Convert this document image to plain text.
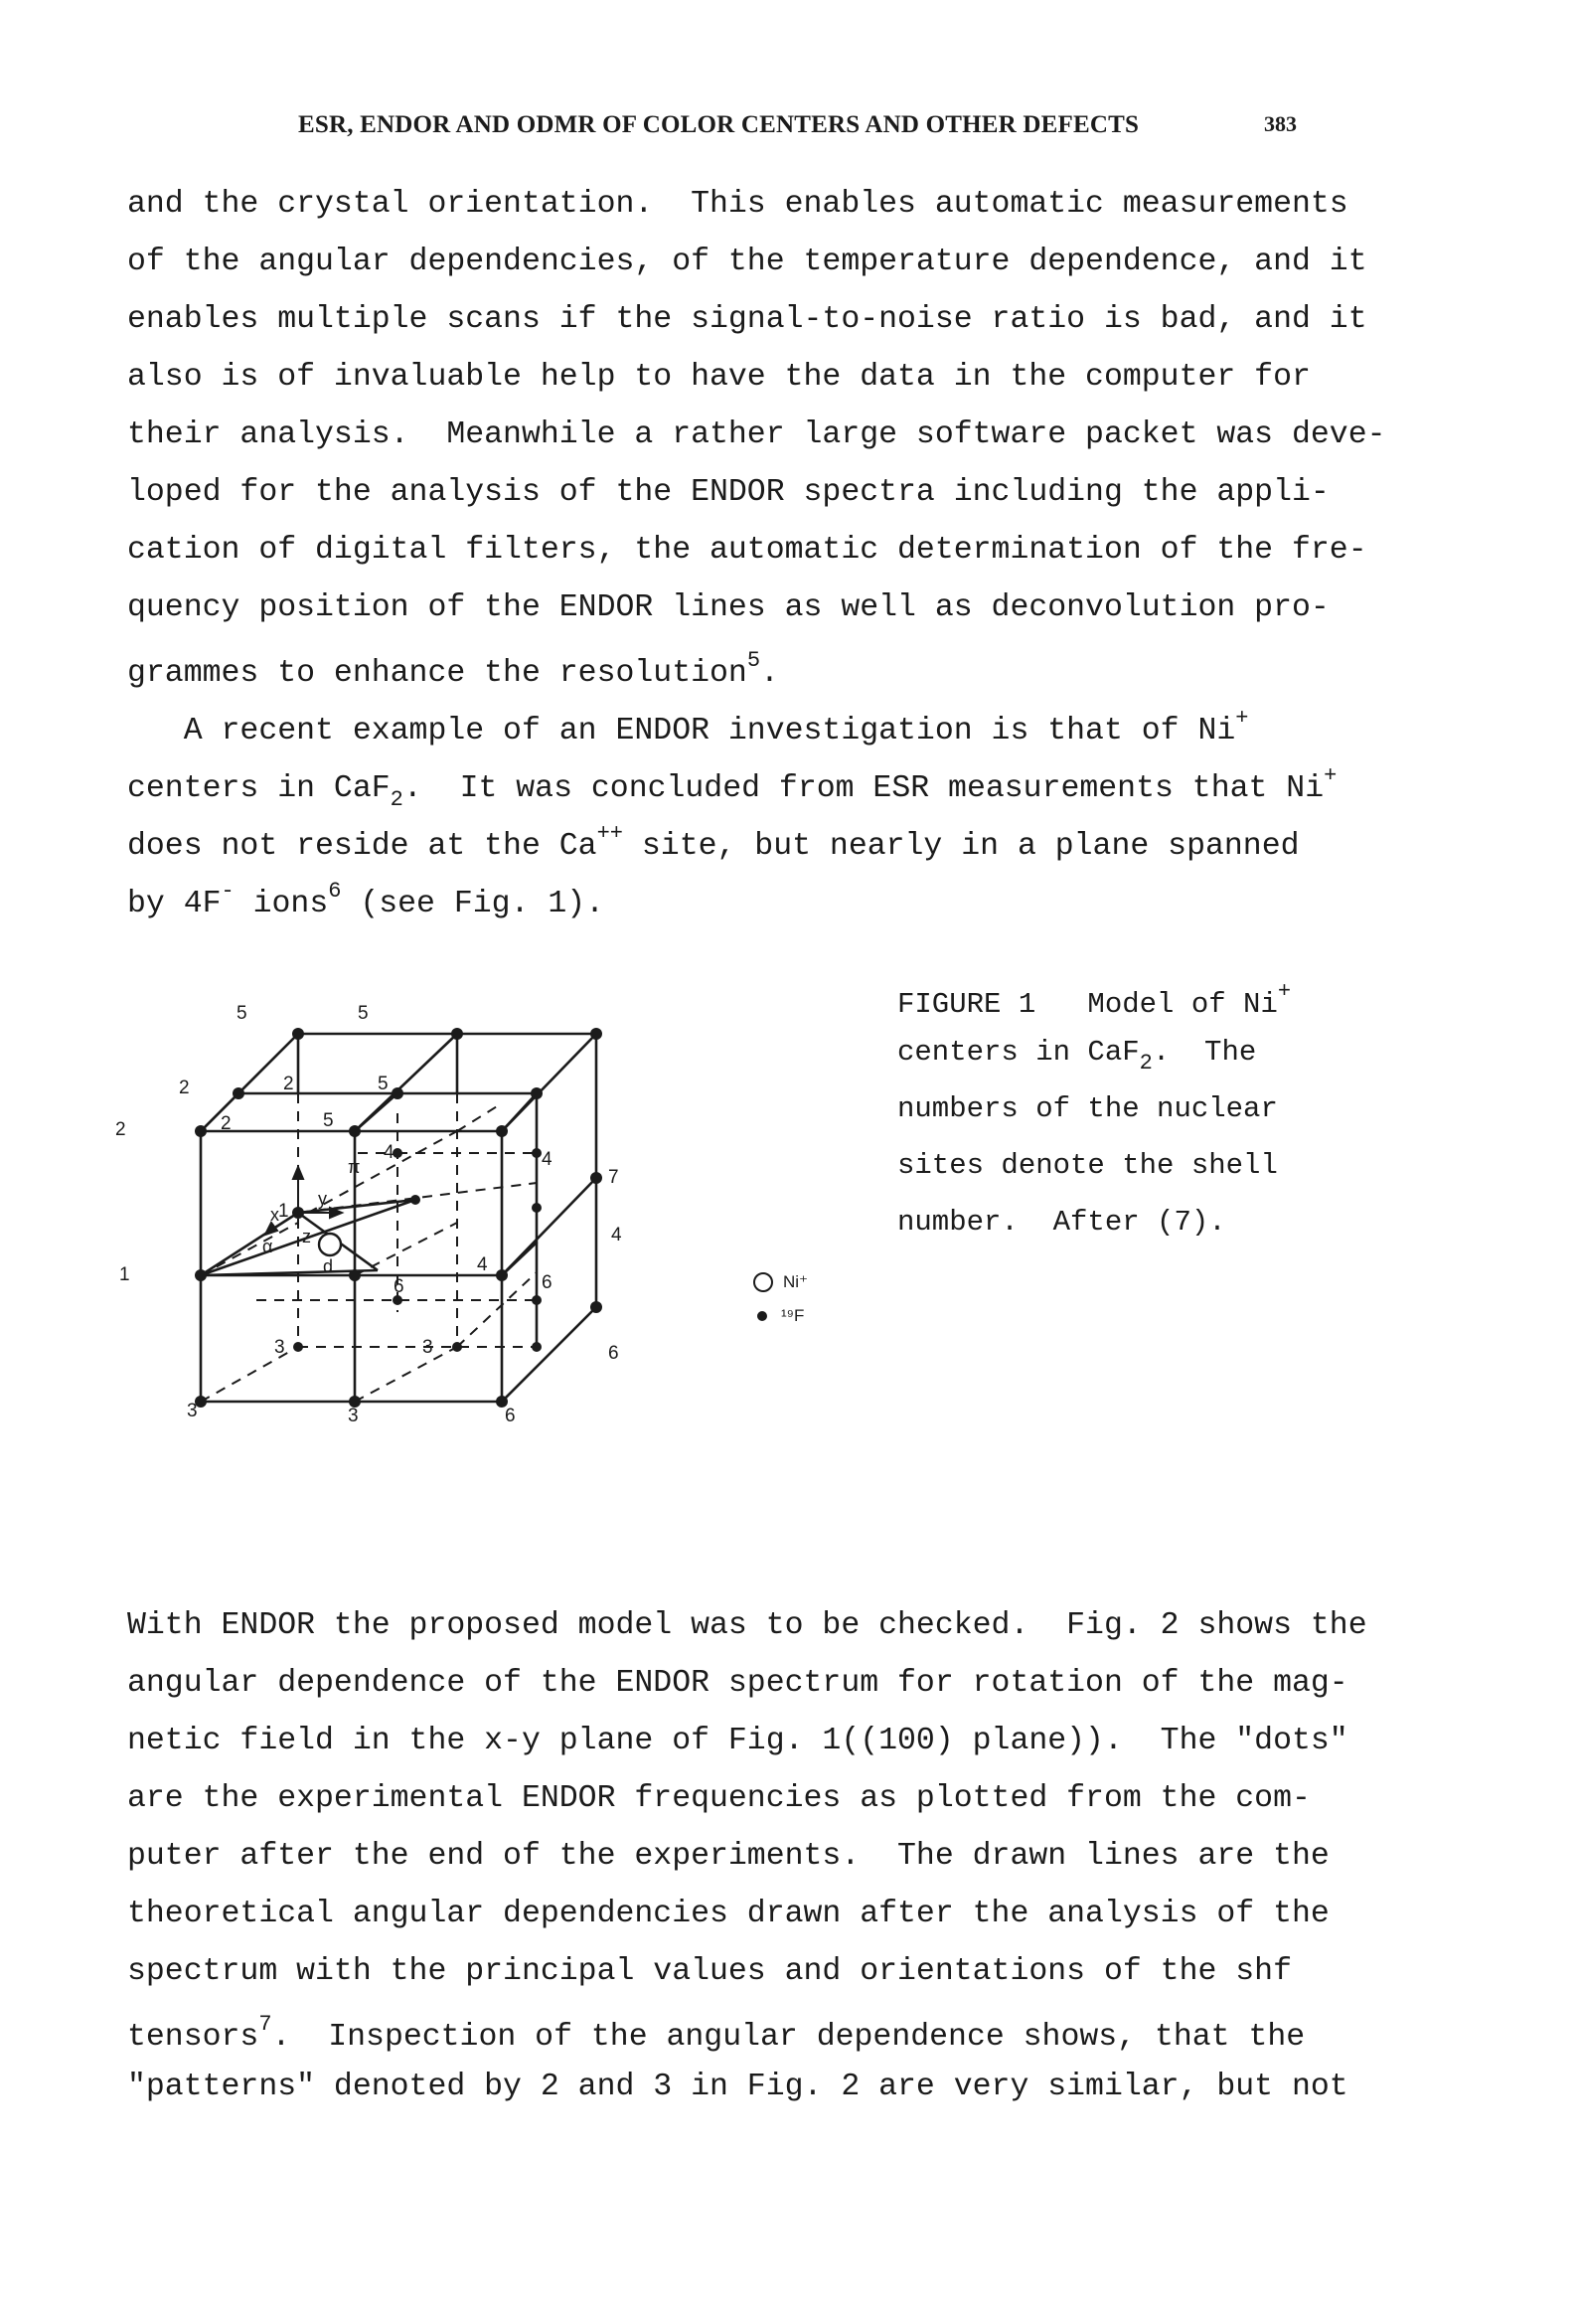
ESR, ENDOR AND ODMR OF COLOR CENTERS AND OTHER DEFECTS	383
and the crystal orientation.  This enables automatic measurements
of the angular dependencies, of the temperature dependence, and it
enables multiple scans if the signal-to-noise ratio is bad, and it
also is of invaluable help to have the data in the computer for
their analysis.  Meanwhile a rather large software packet was deve-
loped for the analysis of the ENDOR spectra including the appli-
cation of digital filters, the automatic determination of the fre-
quency position of the ENDOR lines as well as deconvolution pro-
grammes to enhance the resolution$^5$.
A recent example of an ENDOR investigation is that of Ni+
centers in CaF$_2$.  It was concluded from ESR measurements that Ni+
does not reside at the Ca++ site, but nearly in a plane spanned
by 4F- ions$^6$ (see Fig. 1).
5	5
2	2	5
2	2	5
4	4
7
1
4
1	4
6	6
3	3	6
3	3	6
z
y
x
π
α
d
Ni⁺
¹⁹F
FIGURE 1   Model of Ni+
centers in CaF$_2$.  The
numbers of the nuclear
sites denote the shell
number.  After (7).
With ENDOR the proposed model was to be checked.  Fig. 2 shows the
angular dependence of the ENDOR spectrum for rotation of the mag-
netic field in the x-y plane of Fig. 1((100) plane)).  The "dots"
are the experimental ENDOR frequencies as plotted from the com-
puter after the end of the experiments.  The drawn lines are the
theoretical angular dependencies drawn after the analysis of the
spectrum with the principal values and orientations of the shf
tensors$^7$.  Inspection of the angular dependence shows, that the
"patterns" denoted by 2 and 3 in Fig. 2 are very similar, but not
